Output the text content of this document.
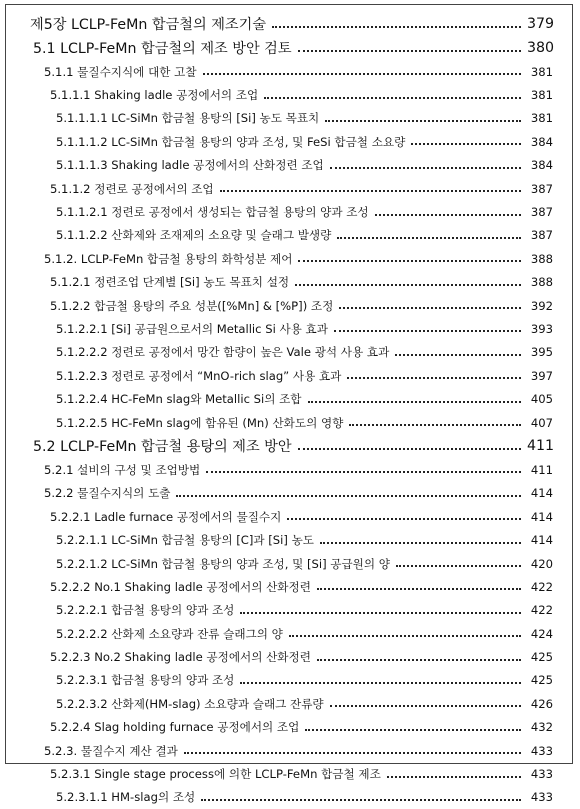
제5장 LCLP-FeMn 합금철의 제조기술	379
5.1 LCLP-FeMn 합금철의 제조 방안 검토	380
5.1.1 물질수지식에 대한 고찰	381
5.1.1.1 Shaking ladle 공정에서의 조업	381
5.1.1.1.1 LC-SiMn 합금철 용탕의 [Si] 농도 목표치	381
5.1.1.1.2 LC-SiMn 합금철 용탕의 양과 조성, 및 FeSi 합금철 소요량	384
5.1.1.1.3 Shaking ladle 공정에서의 산화정련 조업	384
5.1.1.2 정련로 공정에서의 조업	387
5.1.1.2.1 정련로 공정에서 생성되는 합금철 용탕의 양과 조성	387
5.1.1.2.2 산화제와 조재제의 소요량 및 슬래그 발생량	387
5.1.2. LCLP-FeMn 합금철 용탕의 화학성분 제어	388
5.1.2.1 정련조업 단계별 [Si] 농도 목표치 설정	388
5.1.2.2 합금철 용탕의 주요 성분([%Mn] & [%P]) 조정	392
5.1.2.2.1 [Si] 공급원으로서의 Metallic Si 사용 효과	393
5.1.2.2.2 정련로 공정에서 망간 함량이 높은 Vale 광석 사용 효과	395
5.1.2.2.3 정련로 공정에서 “MnO-rich slag” 사용 효과	397
5.1.2.2.4 HC-FeMn slag와 Metallic Si의 조합	405
5.1.2.2.5 HC-FeMn slag에 함유된 (Mn) 산화도의 영향	407
5.2 LCLP-FeMn 합금철 용탕의 제조 방안	411
5.2.1 설비의 구성 및 조업방법	411
5.2.2 물질수지식의 도출	414
5.2.2.1 Ladle furnace 공정에서의 물질수지	414
5.2.2.1.1 LC-SiMn 합금철 용탕의 [C]과 [Si] 농도	414
5.2.2.1.2 LC-SiMn 합금철 용탕의 양과 조성, 및 [Si] 공급원의 양	420
5.2.2.2 No.1 Shaking ladle 공정에서의 산화정련	422
5.2.2.2.1 합금철 용탕의 양과 조성	422
5.2.2.2.2 산화제 소요량과 잔류 슬래그의 양	424
5.2.2.3 No.2 Shaking ladle 공정에서의 산화정련	425
5.2.2.3.1 합금철 용탕의 양과 조성	425
5.2.2.3.2 산화제(HM-slag) 소요량과 슬래그 잔류량	426
5.2.2.4 Slag holding furnace 공정에서의 조업	432
5.2.3. 물질수지 계산 결과	433
5.2.3.1 Single stage process에 의한 LCLP-FeMn 합금철 제조	433
5.2.3.1.1 HM-slag의 조성	433
